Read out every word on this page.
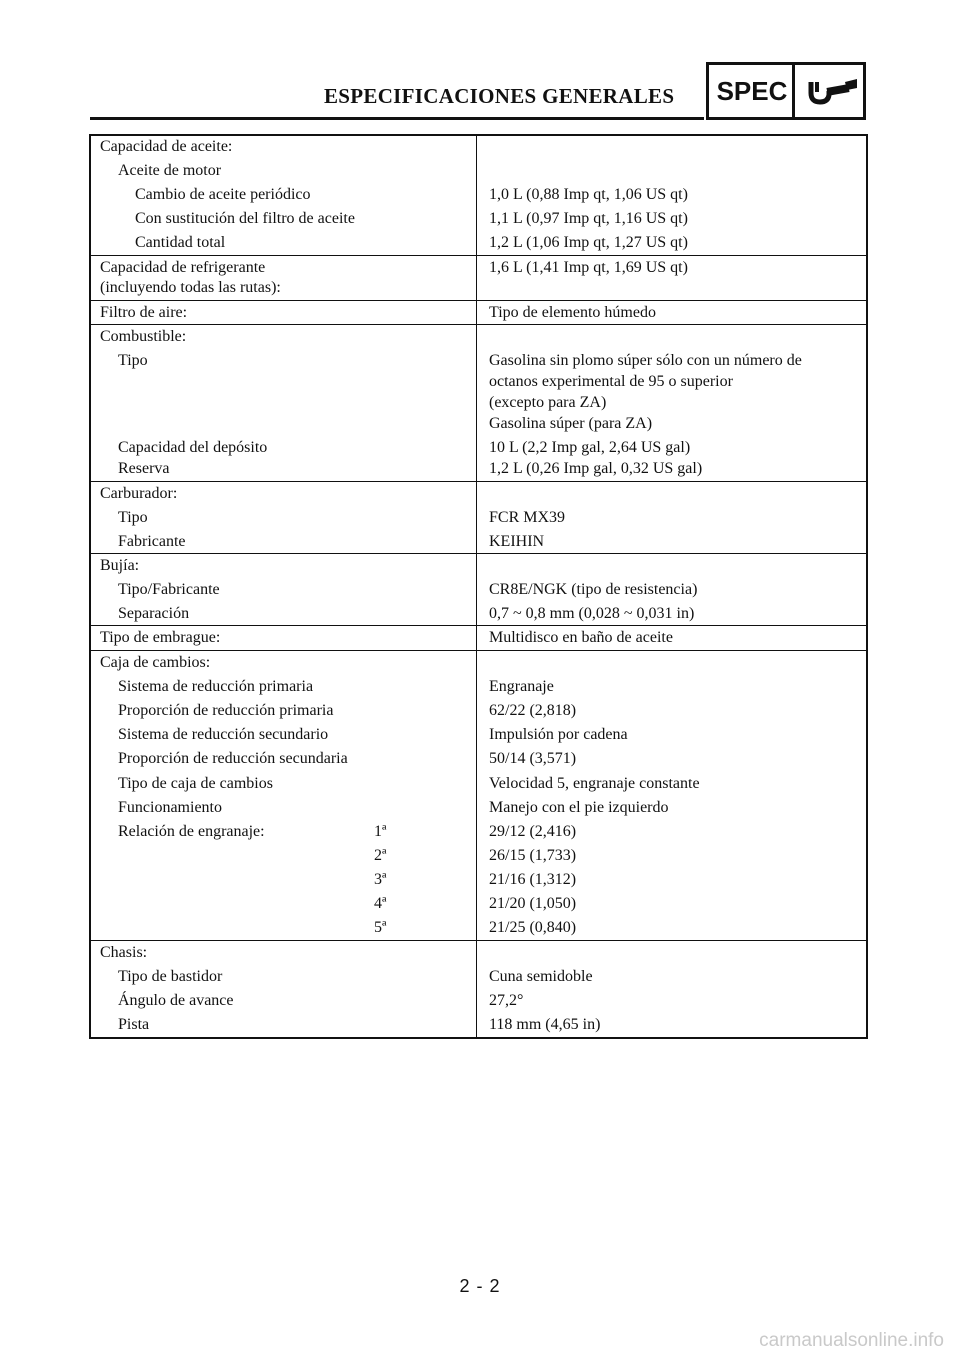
ESPECIFICACIONES GENERALES SPEC
Capacidad de aceite:
Aceite de motor
Cambio de aceite periódico	1,0 L (0,88 Imp qt, 1,06 US qt)
Con sustitución del filtro de aceite	1,1 L (0,97 Imp qt, 1,16 US qt)
Cantidad total	1,2 L (1,06 Imp qt, 1,27 US qt)
Capacidad de refrigerante
(incluyendo todas las rutas):
1,6 L (1,41 Imp qt, 1,69 US qt)
Filtro de aire:	Tipo de elemento húmedo
Combustible:
Tipo	Gasolina sin plomo súper sólo con un número de
octanos experimental de 95 o superior
(excepto para ZA)
Gasolina súper (para ZA)
Capacidad del depósito	10 L (2,2 Imp gal, 2,64 US gal)
Reserva	1,2 L (0,26 Imp gal, 0,32 US gal)
Carburador:
Tipo	FCR MX39
Fabricante	KEIHIN
Bujía:
Tipo/Fabricante	CR8E/NGK (tipo de resistencia)
Separación	0,7 ~ 0,8 mm (0,028 ~ 0,031 in)
Tipo de embrague:	Multidisco en baño de aceite
Caja de cambios:
Sistema de reducción primaria	Engranaje
Proporción de reducción primaria	62/22 (2,818)
Sistema de reducción secundario	Impulsión por cadena
Proporción de reducción secundaria	50/14 (3,571)
Tipo de caja de cambios	Velocidad 5, engranaje constante
Funcionamiento	Manejo con el pie izquierdo
Relación de engranaje:	1ª	29/12 (2,416)
2ª	26/15 (1,733)
3ª	21/16 (1,312)
4ª	21/20 (1,050)
5ª	21/25 (0,840)
Chasis:
Tipo de bastidor	Cuna semidoble
Ángulo de avance	27,2°
Pista	118 mm (4,65 in)
2 - 2
carmanualsonline.info
